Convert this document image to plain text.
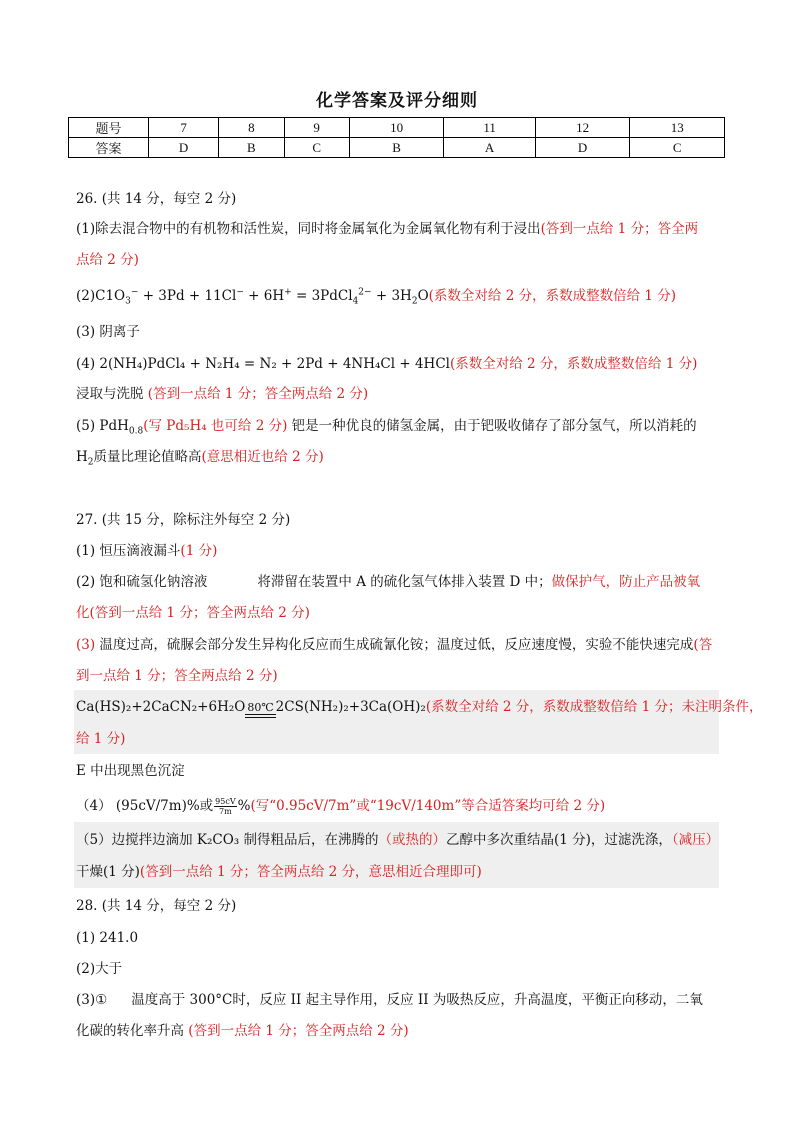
化学答案及评分细则
题号	7	8	9	10	11	12	13
答案	D	B	C	B	A	D	C
26. (共 14 分，每空 2 分)
(1)除去混合物中的有机物和活性炭，同时将金属氧化为金属氧化物有利于浸出(答到一点给 1 分；答全两
点给 2 分)
$(2)C1O_3^- + 3Pd + 11Cl^- + 6H^+$ = 3PdCl$_4^{2-}$ + $3H_2O$(系数全对给 2 分，系数成整数倍给 1 分)
(3) 阴离子
(4) 2(NH₄)PdCl₄ + N₂H₄ = N₂ + 2Pd + 4NH₄Cl + 4HCl(系数全对给 2 分，系数成整数倍给 1 分)
浸取与洗脱 (答到一点给 1 分；答全两点给 2 分)
(5) PdH$_{0.8}$(写 Pd₅H₄ 也可给 2 分) 钯是一种优良的储氢金属，由于钯吸收储存了部分氢气，所以消耗的
$H_2$质量比理论值略高(意思相近也给 2 分)
27. (共 15 分，除标注外每空 2 分)
(1) 恒压滴液漏斗(1 分)
(2) 饱和硫氢化钠溶液	将滞留在装置中 A 的硫化氢气体排入装置 D 中；做保护气，防止产品被氧
化(答到一点给 1 分；答全两点给 2 分)
(3) 温度过高，硫脲会部分发生异构化反应而生成硫氰化铵；温度过低，反应速度慢，实验不能快速完成(答
到一点给 1 分；答全两点给 2 分)
Ca(HS)₂+2CaCN₂+6H₂O 80℃ 2CS(NH₂)₂+3Ca(OH)₂(系数全对给 2 分，系数成整数倍给 1 分；未注明条件，
给 1 分)
E 中出现黑色沉淀
（4） (95cV/7m)%或 $\frac{95cV}{7m}$ %(写“0.95cV/7m”或“19cV/140m”等合适答案均可给 2 分)
（5）边搅拌边滴加 K₂CO₃ 制得粗品后，在沸腾的（或热的）乙醇中多次重结晶(1 分)，过滤洗涤，（减压）
干燥(1 分)(答到一点给 1 分；答全两点给 2 分，意思相近合理即可)
28. (共 14 分，每空 2 分)
(1) 241.0
(2)大于
(3)① 温度高于 300°C时，反应 II 起主导作用，反应 II 为吸热反应，升高温度，平衡正向移动，二氧
化碳的转化率升高 (答到一点给 1 分；答全两点给 2 分)
